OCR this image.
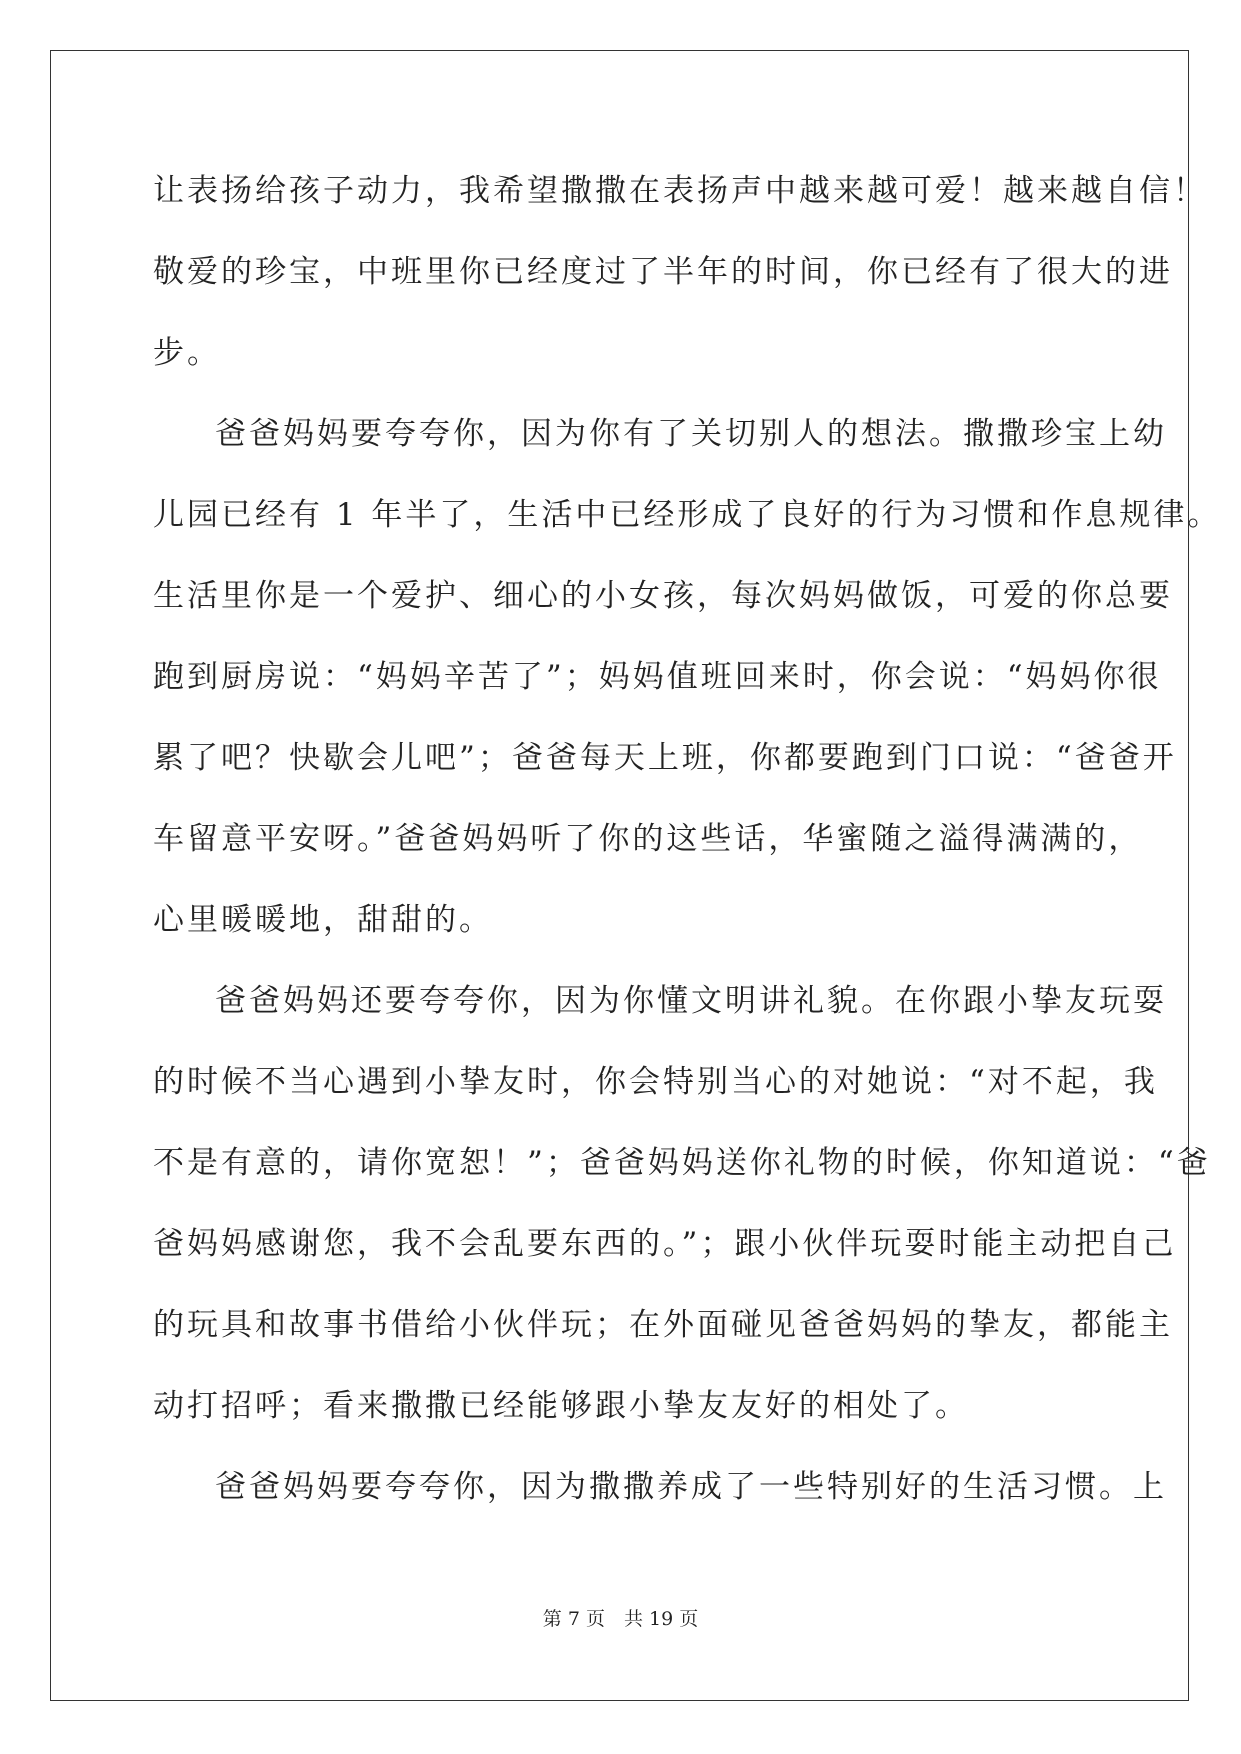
让表扬给孩子动力，我希望撒撒在表扬声中越来越可爱！越来越自信！
敬爱的珍宝，中班里你已经度过了半年的时间，你已经有了很大的进
步。
爸爸妈妈要夸夸你，因为你有了关切别人的想法。撒撒珍宝上幼
儿园已经有 1 年半了，生活中已经形成了良好的行为习惯和作息规律。
生活里你是一个爱护、细心的小女孩，每次妈妈做饭，可爱的你总要
跑到厨房说：“妈妈辛苦了”；妈妈值班回来时，你会说：“妈妈你很
累了吧？快歇会儿吧”；爸爸每天上班，你都要跑到门口说：“爸爸开
车留意平安呀。”爸爸妈妈听了你的这些话，华蜜随之溢得满满的，
心里暖暖地，甜甜的。
爸爸妈妈还要夸夸你，因为你懂文明讲礼貌。在你跟小挚友玩耍
的时候不当心遇到小挚友时，你会特别当心的对她说：“对不起，我
不是有意的，请你宽恕！”；爸爸妈妈送你礼物的时候，你知道说：“爸
爸妈妈感谢您，我不会乱要东西的。”；跟小伙伴玩耍时能主动把自己
的玩具和故事书借给小伙伴玩；在外面碰见爸爸妈妈的挚友，都能主
动打招呼；看来撒撒已经能够跟小挚友友好的相处了。
爸爸妈妈要夸夸你，因为撒撒养成了一些特别好的生活习惯。上
第 7 页　共 19 页
